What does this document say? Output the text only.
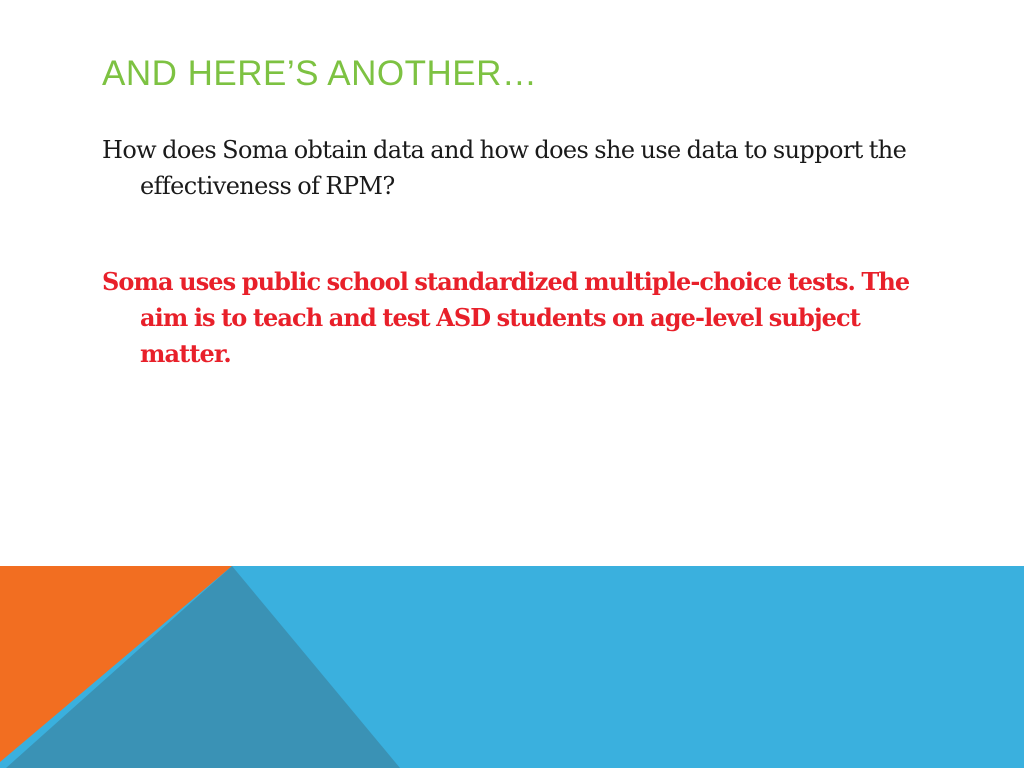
AND HERE’S ANOTHER…

How does Soma obtain data and how does she use data to support the effectiveness of RPM?

Soma uses public school standardized multiple-choice tests. The aim is to teach and test ASD students on age-level subject matter.
